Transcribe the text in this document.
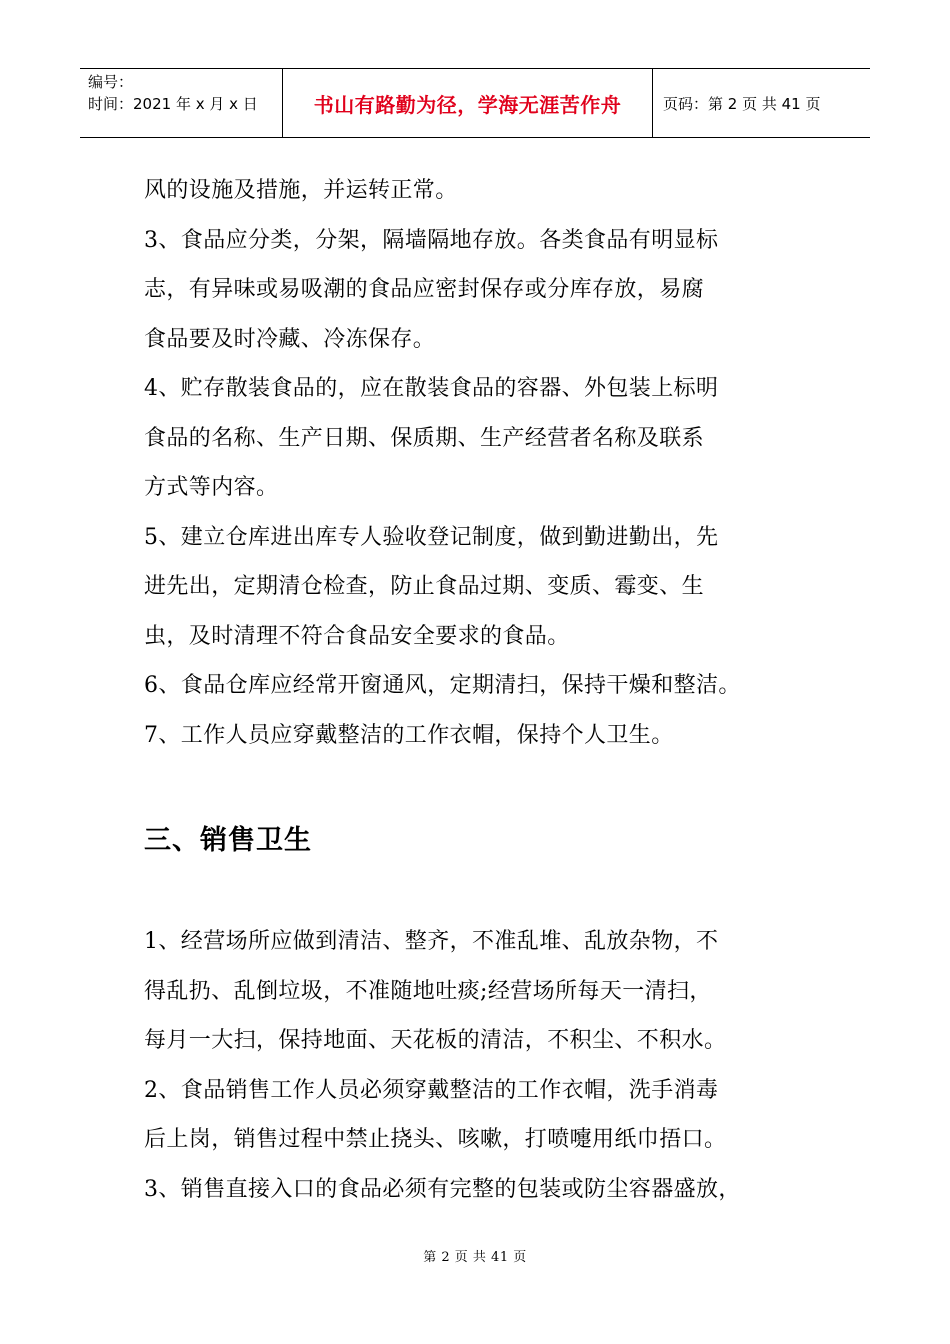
编号：
时间：2021 年 x 月 x 日	书山有路勤为径，学海无涯苦作舟	页码：第 2 页 共 41 页
风的设施及措施，并运转正常。
3、食品应分类，分架，隔墙隔地存放。各类食品有明显标
志，有异味或易吸潮的食品应密封保存或分库存放，易腐
食品要及时冷藏、冷冻保存。
4、贮存散装食品的，应在散装食品的容器、外包装上标明
食品的名称、生产日期、保质期、生产经营者名称及联系
方式等内容。
5、建立仓库进出库专人验收登记制度，做到勤进勤出，先
进先出，定期清仓检查，防止食品过期、变质、霉变、生
虫，及时清理不符合食品安全要求的食品。
6、食品仓库应经常开窗通风，定期清扫，保持干燥和整洁。
7、工作人员应穿戴整洁的工作衣帽，保持个人卫生。
三、销售卫生
1、经营场所应做到清洁、整齐，不准乱堆、乱放杂物，不
得乱扔、乱倒垃圾，不准随地吐痰;经营场所每天一清扫，
每月一大扫，保持地面、天花板的清洁，不积尘、不积水。
2、食品销售工作人员必须穿戴整洁的工作衣帽，洗手消毒
后上岗，销售过程中禁止挠头、咳嗽，打喷嚏用纸巾捂口。
3、销售直接入口的食品必须有完整的包装或防尘容器盛放，
第 2 页 共 41 页
